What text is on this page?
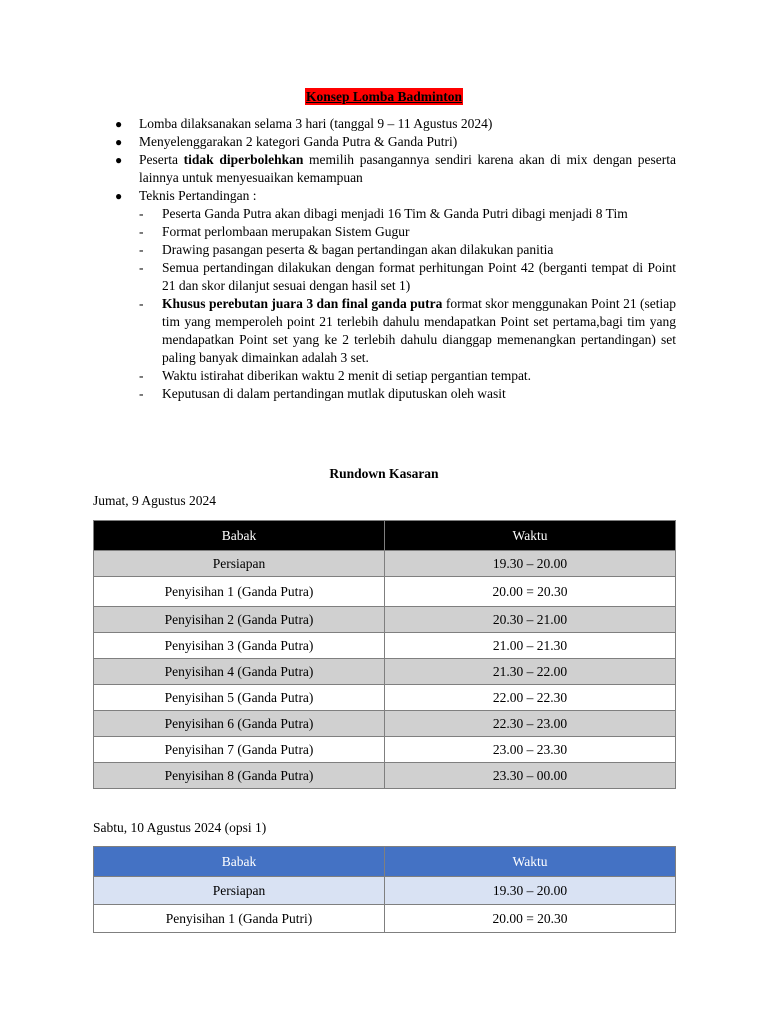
Konsep Lomba Badminton
● Lomba dilaksanakan selama 3 hari (tanggal 9 – 11 Agustus 2024)
● Menyelenggarakan 2 kategori Ganda Putra & Ganda Putri)
● Peserta tidak diperbolehkan memilih pasangannya sendiri karena akan di mix dengan peserta lainnya untuk menyesuaikan kemampuan
● Teknis Pertandingan :
- Peserta Ganda Putra akan dibagi menjadi 16 Tim & Ganda Putri dibagi menjadi 8 Tim
- Format perlombaan merupakan Sistem Gugur
- Drawing pasangan peserta & bagan pertandingan akan dilakukan panitia
- Semua pertandingan dilakukan dengan format perhitungan Point 42 (berganti tempat di Point 21 dan skor dilanjut sesuai dengan hasil set 1)
- Khusus perebutan juara 3 dan final ganda putra format skor menggunakan Point 21 (setiap tim yang memperoleh point 21 terlebih dahulu mendapatkan Point set pertama,bagi tim yang mendapatkan Point set yang ke 2 terlebih dahulu dianggap memenangkan pertandingan) set paling banyak dimainkan adalah 3 set.
- Waktu istirahat diberikan waktu 2 menit di setiap pergantian tempat.
- Keputusan di dalam pertandingan mutlak diputuskan oleh wasit
Rundown Kasaran
Jumat, 9 Agustus 2024
Babak	Waktu
Persiapan	19.30 – 20.00
Penyisihan 1 (Ganda Putra)	20.00 = 20.30
Penyisihan 2 (Ganda Putra)	20.30 – 21.00
Penyisihan 3 (Ganda Putra)	21.00 – 21.30
Penyisihan 4 (Ganda Putra)	21.30 – 22.00
Penyisihan 5 (Ganda Putra)	22.00 – 22.30
Penyisihan 6 (Ganda Putra)	22.30 – 23.00
Penyisihan 7 (Ganda Putra)	23.00 – 23.30
Penyisihan 8 (Ganda Putra)	23.30 – 00.00
Sabtu, 10 Agustus 2024 (opsi 1)
Babak	Waktu
Persiapan	19.30 – 20.00
Penyisihan 1 (Ganda Putri)	20.00 = 20.30
